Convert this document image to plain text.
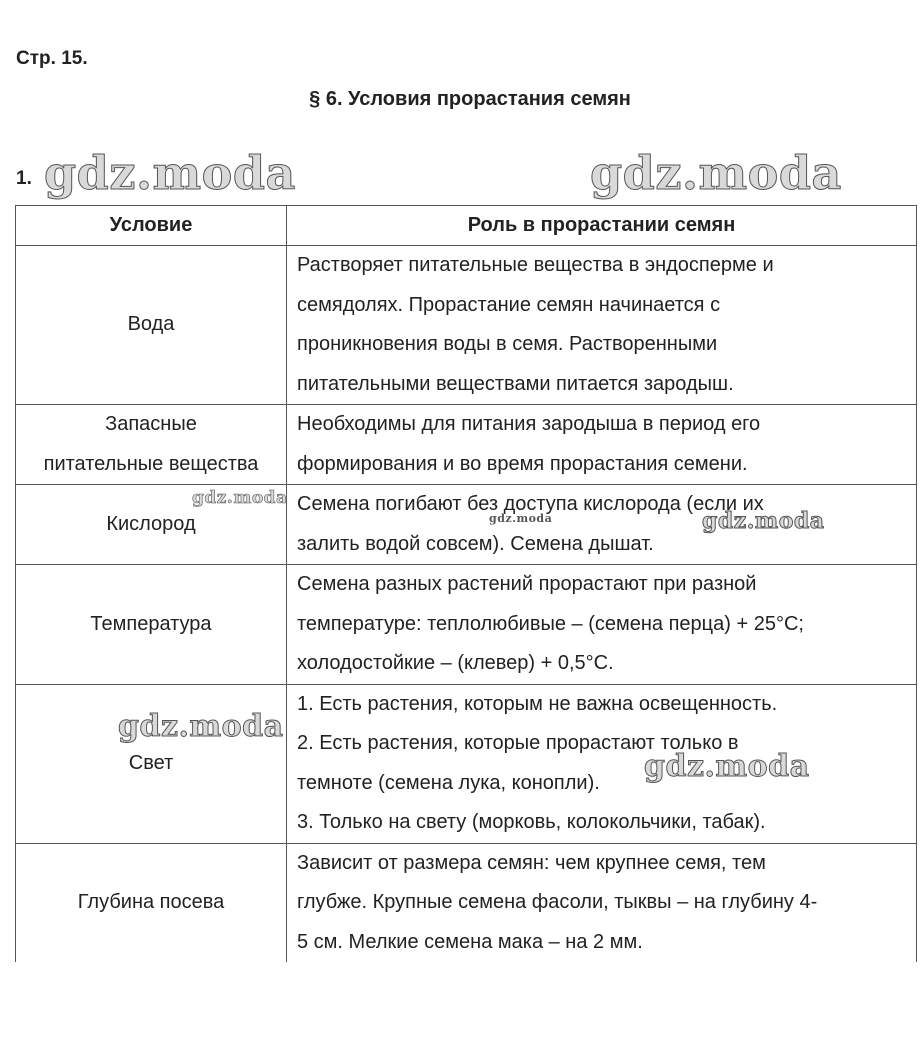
Стр. 15.
§ 6. Условия прорастания семян
1.
Условие	Роль в прорастании семян

Вода	Растворяет питательные вещества в эндосперме и
семядолях. Прорастание семян начинается с
проникновения воды в семя. Растворенными
питательными веществами питается зародыш.

Запасные
питательные вещества	Необходимы для питания зародыша в период его
формирования и во время прорастания семени.

Кислород	Семена погибают без доступа кислорода (если их
залить водой совсем). Семена дышат.

Температура	Семена разных растений прорастают при разной
температуре: теплолюбивые – (семена перца) + 25°C;
холодостойкие – (клевер) + 0,5°C.

Свет	1. Есть растения, которым не важна освещенность.
2. Есть растения, которые прорастают только в
темноте (семена лука, конопли).
3. Только на свету (морковь, колокольчики, табак).

Глубина посева	Зависит от размера семян: чем крупнее семя, тем
глубже. Крупные семена фасоли, тыквы – на глубину 4-
5 см. Мелкие семена мака – на 2 мм.
gdz.moda	gdz.moda
gdz.moda
gdz.moda	gdz.moda
gdz.moda
gdz.moda
